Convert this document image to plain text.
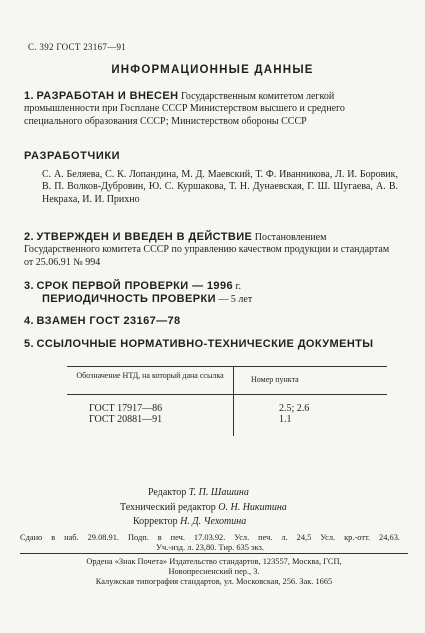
С. 392 ГОСТ 23167—91
ИНФОРМАЦИОННЫЕ ДАННЫЕ
1. РАЗРАБОТАН И ВНЕСЕН Государственным комитетом легкой промышленности при Госплане СССР Министерством высшего и среднего специального образования СССР; Министерством обороны СССР
РАЗРАБОТЧИКИ
С. А. Беляева, С. К. Лопандина, М. Д. Маевский, Т. Ф. Иванникова, Л. И. Боровик, В. П. Волков-Дубровин, Ю. С. Куршакова, Т. Н. Дунаевская, Г. Ш. Шугаева, А. В. Некраха, И. И. Прихно
2. УТВЕРЖДЕН И ВВЕДЕН В ДЕЙСТВИЕ Постановлением Государственного комитета СССР по управлению качеством продукции и стандартам от 25.06.91 № 994
3. СРОК ПЕРВОЙ ПРОВЕРКИ — 1996 г.
ПЕРИОДИЧНОСТЬ ПРОВЕРКИ — 5 лет
4. ВЗАМЕН ГОСТ 23167—78
5. ССЫЛОЧНЫЕ НОРМАТИВНО-ТЕХНИЧЕСКИЕ ДОКУМЕНТЫ
Обозначение НТД, на который дана ссылка	Номер пункта
ГОСТ 17917—86	2.5; 2.6
ГОСТ 20881—91	1.1
Редактор Т. П. Шашина
Технический редактор О. Н. Никитина
Корректор Н. Д. Чехотина
Сдано в наб. 29.08.91. Подп. в печ. 17.03.92. Усл. печ. л. 24,5 Усл. кр.-отт. 24,63.
Уч.-изд. л. 23,80. Тир. 635 экз.
Ордена «Знак Почета» Издательство стандартов, 123557, Москва, ГСП,
Новопресненский пер., 3.
Калужская типография стандартов, ул. Московская, 256. Зак. 1665
